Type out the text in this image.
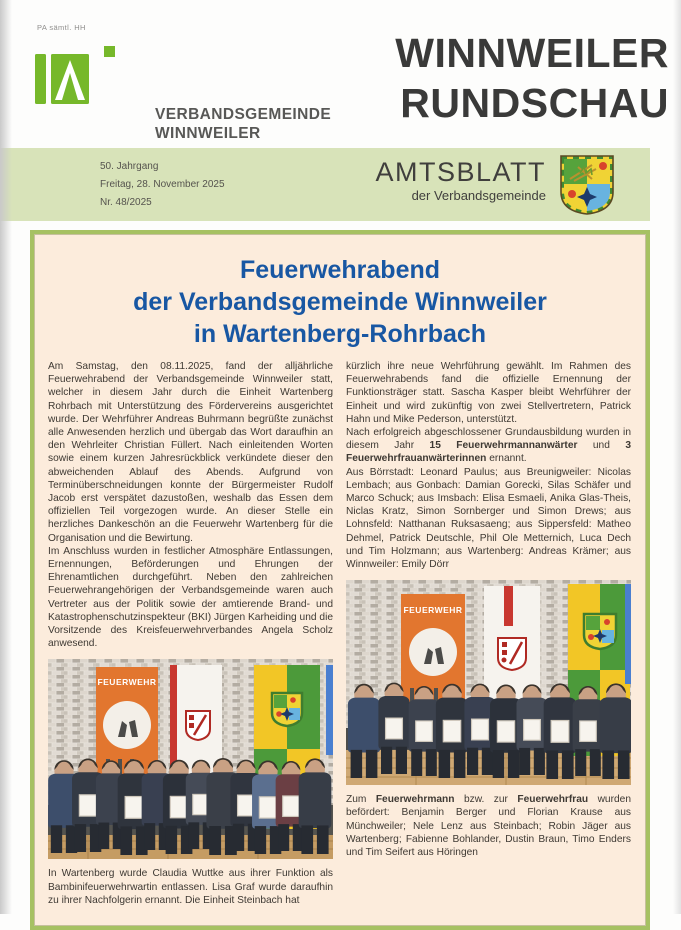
PA sämtl. HH
VERBANDSGEMEINDE
WINNWEILER
WINNWEILER
RUNDSCHAU
50. Jahrgang
Freitag, 28. November 2025
Nr. 48/2025
AMTSBLATT
der Verbandsgemeinde
Feuerwehrabend
der Verbandsgemeinde Winnweiler
in Wartenberg-Rohrbach

Am Samstag, den 08.11.2025, fand der alljährliche Feuerwehrabend der Verbandsgemeinde Winnweiler statt, welcher in diesem Jahr durch die Einheit Wartenberg Rohrbach mit Unterstützung des Fördervereins ausgerichtet wurde. Der Wehrführer Andreas Buhrmann begrüßte zunächst alle Anwesenden herzlich und übergab das Wort daraufhin an den Wehrleiter Christian Füllert. Nach einleitenden Worten sowie einem kurzen Jahresrückblick verkündete dieser den abweichenden Ablauf des Abends. Aufgrund von Terminüberschneidungen konnte der Bürgermeister Rudolf Jacob erst verspätet dazustoßen, weshalb das Essen dem offiziellen Teil vorgezogen wurde. An dieser Stelle ein herzliches Dankeschön an die Feuerwehr Wartenberg für die Organisation und die Bewirtung.

Im Anschluss wurden in festlicher Atmosphäre Entlassungen, Ernennungen, Beförderungen und Ehrungen der Ehrenamtlichen durchgeführt. Neben den zahlreichen Feuerwehrangehörigen der Verbandsgemeinde waren auch Vertreter aus der Politik sowie der amtierende Brand- und Katastrophenschutzinspekteur (BKI) Jürgen Karheiding und die Vorsitzende des Kreisfeuerwehrverbandes Angela Scholz anwesend.

FEUERWEHR

In Wartenberg wurde Claudia Wuttke aus ihrer Funktion als Bambinifeuerwehrwartin entlassen. Lisa Graf wurde daraufhin zu ihrer Nachfolgerin ernannt. Die Einheit Steinbach hat

kürzlich ihre neue Wehrführung gewählt. Im Rahmen des Feuerwehrabends fand die offizielle Ernennung der Funktionsträger statt. Sascha Kasper bleibt Wehrführer der Einheit und wird zukünftig von zwei Stellvertretern, Patrick Hahn und Mike Pederson, unterstützt.

Nach erfolgreich abgeschlossener Grundausbildung wurden in diesem Jahr 15 Feuerwehrmannanwärter und 3 Feuerwehrfrauanwärterinnen ernannt.

Aus Börrstadt: Leonard Paulus; aus Breunigweiler: Nicolas Lembach; aus Gonbach: Damian Gorecki, Silas Schäfer und Marco Schuck; aus Imsbach: Elisa Esmaeli, Anika Glas-Theis, Niclas Kratz, Simon Sornberger und Simon Drews; aus Lohnsfeld: Natthanan Ruksasaeng; aus Sippersfeld: Matheo Dehmel, Patrick Deutschle, Phil Ole Metternich, Luca Dech und Tim Holzmann; aus Wartenberg: Andreas Krämer; aus Winnweiler: Emily Dörr

FEUERWEHR

Zum Feuerwehrmann bzw. zur Feuerwehrfrau wurden befördert: Benjamin Berger und Florian Krause aus Münchweiler; Nele Lenz aus Steinbach; Robin Jäger aus Wartenberg; Fabienne Bohlander, Dustin Braun, Timo Enders und Tim Seifert aus Höringen
